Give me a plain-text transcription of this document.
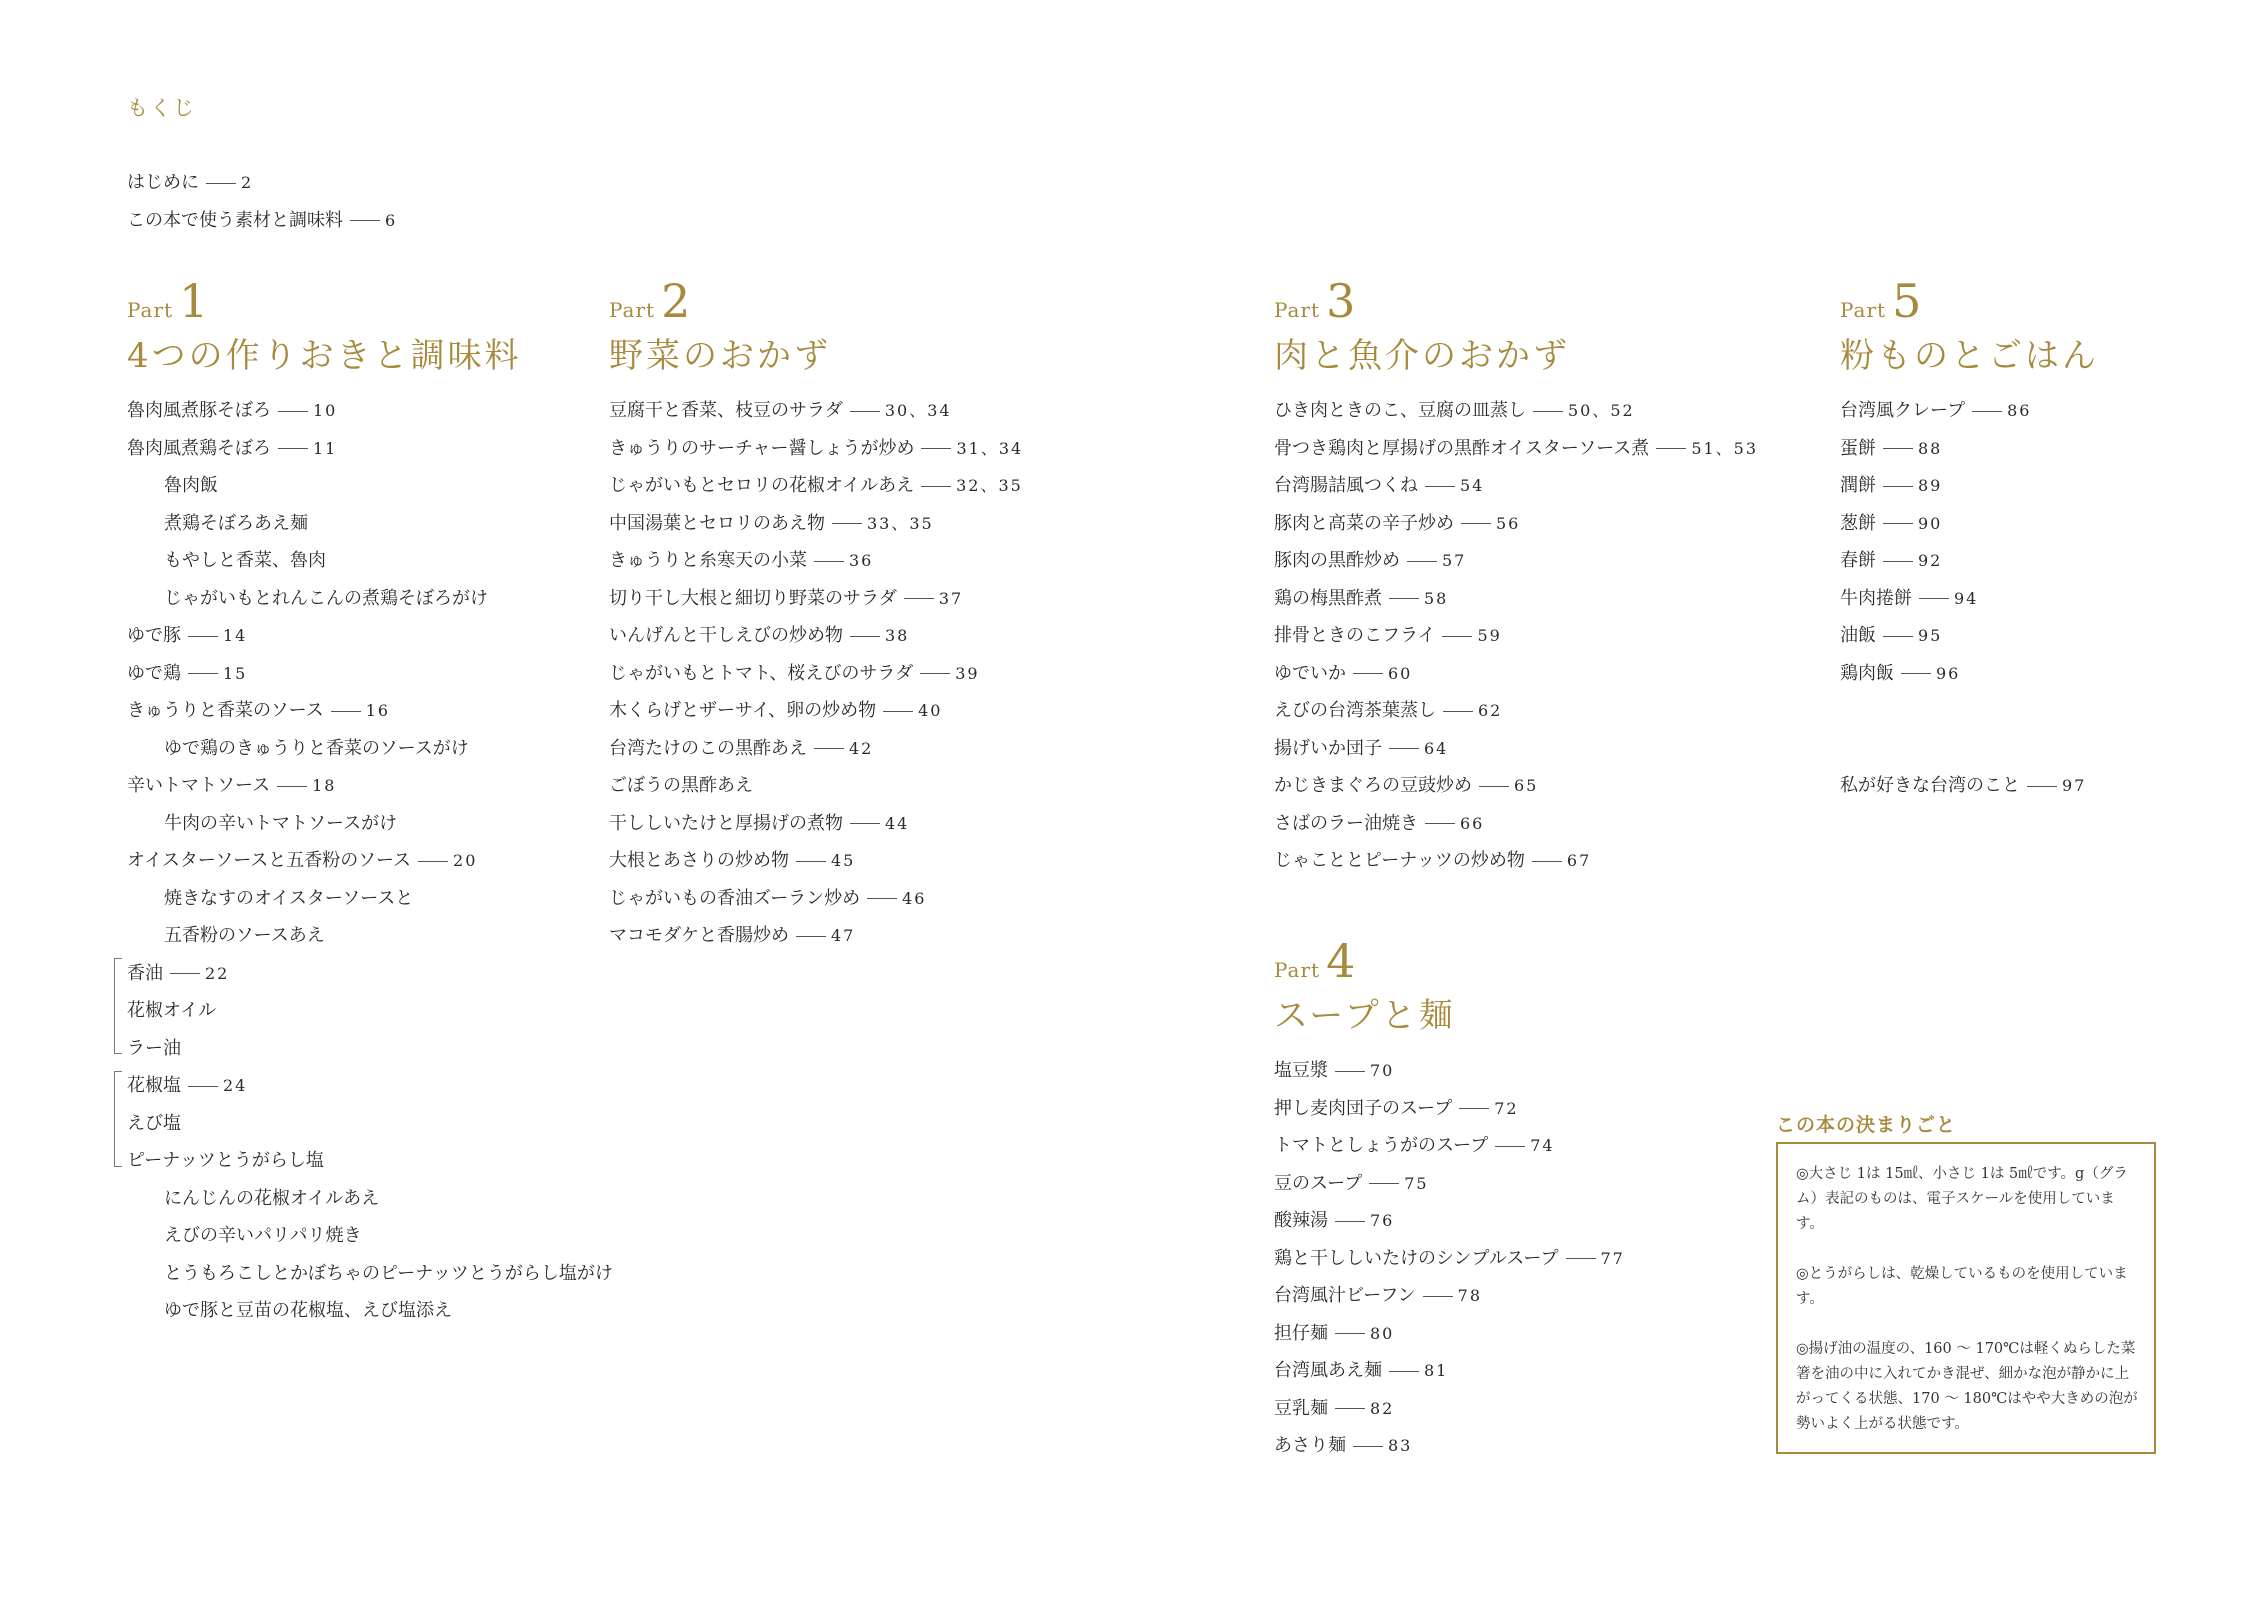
もくじ
はじめに	2
この本で使う素材と調味料	6
Part 1
4つの作りおきと調味料
Part 2
野菜のおかず
Part 3
肉と魚介のおかず
Part 4
スープと麺
Part 5
粉ものとごはん
魯肉風煮豚そぼろ	10
魯肉風煮鶏そぼろ	11
魯肉飯
煮鶏そぼろあえ麺
もやしと香菜、魯肉
じゃがいもとれんこんの煮鶏そぼろがけ
ゆで豚	14
ゆで鶏	15
きゅうりと香菜のソース	16
ゆで鶏のきゅうりと香菜のソースがけ
辛いトマトソース	18
牛肉の辛いトマトソースがけ
オイスターソースと五香粉のソース	20
焼きなすのオイスターソースと
五香粉のソースあえ
香油	22
花椒オイル
ラー油
花椒塩	24
えび塩
ピーナッツとうがらし塩
にんじんの花椒オイルあえ
えびの辛いパリパリ焼き
とうもろこしとかぼちゃのピーナッツとうがらし塩がけ
ゆで豚と豆苗の花椒塩、えび塩添え
豆腐干と香菜、枝豆のサラダ	30、34
きゅうりのサーチャー醤しょうが炒め	31、34
じゃがいもとセロリの花椒オイルあえ	32、35
中国湯葉とセロリのあえ物	33、35
きゅうりと糸寒天の小菜	36
切り干し大根と細切り野菜のサラダ	37
いんげんと干しえびの炒め物	38
じゃがいもとトマト、桜えびのサラダ	39
木くらげとザーサイ、卵の炒め物	40
台湾たけのこの黒酢あえ	42
ごぼうの黒酢あえ
干ししいたけと厚揚げの煮物	44
大根とあさりの炒め物	45
じゃがいもの香油ズーラン炒め	46
マコモダケと香腸炒め	47
ひき肉ときのこ、豆腐の皿蒸し	50、52
骨つき鶏肉と厚揚げの黒酢オイスターソース煮	51、53
台湾腸詰風つくね	54
豚肉と高菜の辛子炒め	56
豚肉の黒酢炒め	57
鶏の梅黒酢煮	58
排骨ときのこフライ	59
ゆでいか	60
えびの台湾茶葉蒸し	62
揚げいか団子	64
かじきまぐろの豆豉炒め	65
さばのラー油焼き	66
じゃこととピーナッツの炒め物	67
塩豆漿	70
押し麦肉団子のスープ	72
トマトとしょうがのスープ	74
豆のスープ	75
酸辣湯	76
鶏と干ししいたけのシンプルスープ	77
台湾風汁ビーフン	78
担仔麺	80
台湾風あえ麺	81
豆乳麺	82
あさり麺	83
台湾風クレープ	86
蛋餅	88
潤餅	89
葱餅	90
春餅	92
牛肉捲餅	94
油飯	95
鶏肉飯	96
私が好きな台湾のこと	97
この本の決まりごと

◎大さじ 1は 15㎖、小さじ 1は 5㎖です。g（グラム）表記のものは、電子スケールを使用しています。

◎とうがらしは、乾燥しているものを使用しています。

◎揚げ油の温度の、160 〜 170℃は軽くぬらした菜箸を油の中に入れてかき混ぜ、細かな泡が静かに上がってくる状態、170 〜 180℃はやや大きめの泡が勢いよく上がる状態です。
